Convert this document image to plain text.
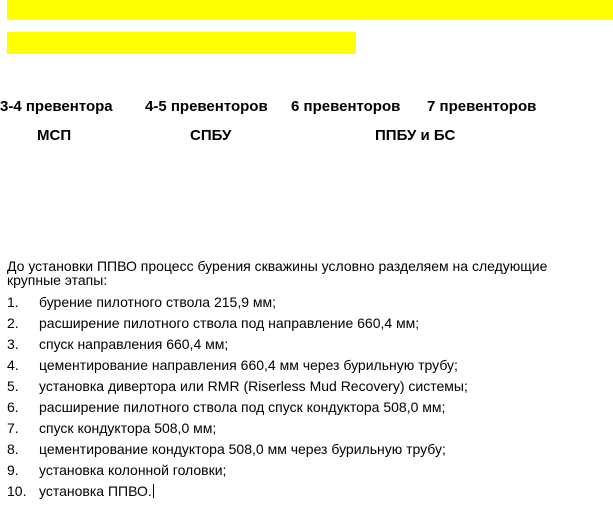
3-4 превентора 4-5 превенторов 6 превенторов 7 превенторов
МСП	СПБУ	ППБУ и БС
До установки ППВО процесс бурения скважины условно разделяем на следующие крупные этапы:
1. бурение пилотного ствола 215,9 мм;
2. расширение пилотного ствола под направление 660,4 мм;
3. спуск направления 660,4 мм;
4. цементирование направления 660,4 мм через бурильную трубу;
5. установка дивертора или RMR (Riserless Mud Recovery) системы;
6. расширение пилотного ствола под спуск кондуктора 508,0 мм;
7. спуск кондуктора 508,0 мм;
8. цементирование кондуктора 508,0 мм через бурильную трубу;
9. установка колонной головки;
10. установка ППВО.
